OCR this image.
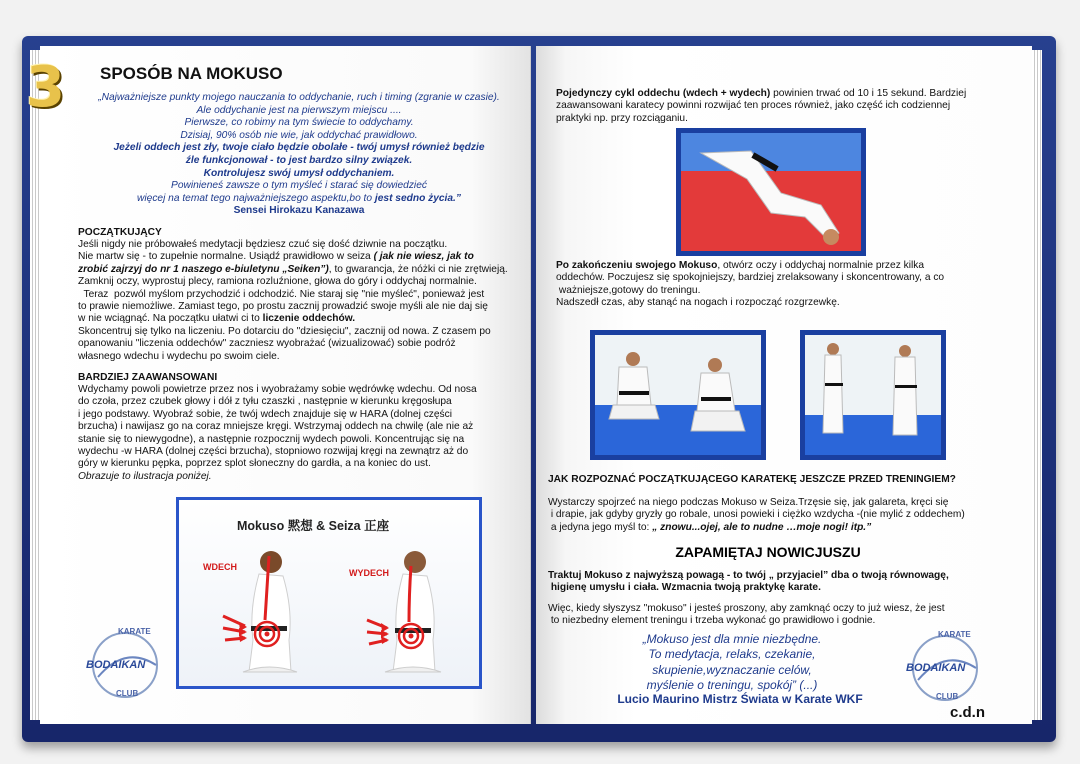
3 SPOSÓB NA MOKUSO
„Najważniejsze punkty mojego nauczania to oddychanie, ruch i timing (zgranie w czasie).
Ale oddychanie jest na pierwszym miejscu ....
Pierwsze, co robimy na tym świecie to oddychamy.
Dzisiaj, 90% osób nie wie, jak oddychać prawidłowo.
Jeżeli oddech jest zły, twoje ciało będzie obolałe - twój umysł również będzie
źle funkcjonował - to jest bardzo silny związek.
Kontrolujesz swój umysł oddychaniem.
Powinieneś zawsze o tym myśleć i starać się dowiedzieć
więcej na temat tego najważniejszego aspektu,bo to jest sedno życia.”
Sensei Hirokazu Kanazawa
POCZĄTKUJĄCY
Jeśli nigdy nie próbowałeś medytacji będziesz czuć się dość dziwnie na początku.
Nie martw się - to zupełnie normalne. Usiądź prawidłowo w seiza ( jak nie wiesz, jak to
zrobić zajrzyj do nr 1 naszego e-biuletynu „Seiken”), to gwarancja, że nóżki ci nie zrętwieją.
Zamknij oczy, wyprostuj plecy, ramiona rozluźnione, głowa do góry i oddychaj normalnie.
Teraz  pozwól myślom przychodzić i odchodzić. Nie staraj się "nie myśleć", ponieważ jest
to prawie niemożliwe. Zamiast tego, po prostu zacznij prowadzić swoje myśli ale nie daj się
w nie wciągnąć. Na początku ułatwi ci to liczenie oddechów.
Skoncentruj się tylko na liczeniu. Po dotarciu do "dziesięciu", zacznij od nowa. Z czasem po
opanowaniu "liczenia oddechów" zaczniesz wyobrażać (wizualizować) sobie podróż
własnego wdechu i wydechu po swoim ciele.
BARDZIEJ ZAAWANSOWANI
Wdychamy powoli powietrze przez nos i wyobrażamy sobie wędrówkę wdechu. Od nosa
do czoła, przez czubek głowy i dół z tyłu czaszki , następnie w kierunku kręgosłupa
i jego podstawy. Wyobraź sobie, że twój wdech znajduje się w HARA (dolnej części
brzucha) i nawijasz go na coraz mniejsze kręgi. Wstrzymaj oddech na chwilę (ale nie aż
stanie się to niewygodne), a następnie rozpocznij wydech powoli. Koncentrując się na
wydechu -w HARA (dolnej części brzucha), stopniowo rozwijaj kręgi na zewnątrz aż do
góry w kierunku pępka, poprzez splot słoneczny do gardła, a na koniec do ust.
Obrazuje to ilustracja poniżej.
Mokuso 黙想 & Seiza 正座
WDECH
WYDECH
KARATE
BODAIKAN
CLUB
Pojedynczy cykl oddechu (wdech + wydech) powinien trwać od 10 i 15 sekund. Bardziej
zaawansowani karateсy powinni rozwijać ten proces również, jako część ich codziennej
praktyki np. przy rozciąganiu.
Po zakończeniu swojego Mokuso, otwórz oczy i oddychaj normalnie przez kilka
oddechów. Poczujesz się spokojniejszy, bardziej zrelaksowany i skoncentrowany, a co
ważniejsze,gotowy do treningu.
Nadszedł czas, aby stanąć na nogach i rozpocząć rozgrzewkę.
JAK ROZPOZNAĆ POCZĄTKUJĄCEGO KARATEKĘ JESZCZE PRZED TRENINGIEM?
Wystarczy spojrzeć na niego podczas Mokuso w Seiza.Trzęsie się, jak galareta, kręci się
i drapie, jak gdyby gryzły go robale, unosi powieki i ciężko wzdycha -(nie mylić z oddechem)
a jedyna jego myśl to: „ znowu...ojej, ale to nudne …moje nogi! itp.”
ZAPAMIĘTAJ NOWICJUSZU
Traktuj Mokuso z najwyższą powagą - to twój „ przyjaciel” dba o twoją równowagę,
higienę umysłu i ciała. Wzmacnia twoją praktykę karate.
Więc, kiedy słyszysz "mokuso" i jesteś proszony, aby zamknąć oczy to już wiesz, że jest
to niezbedny element treningu i trzeba wykonać go prawidłowo i godnie.
„Mokuso jest dla mnie niezbędne.
To medytacja, relaks, czekanie,
skupienie,wyznaczanie celów,
myślenie o treningu, spokój” (...)
Lucio Maurino Mistrz Świata w Karate WKF
KARATE
BODAIKAN
CLUB
c.d.n
